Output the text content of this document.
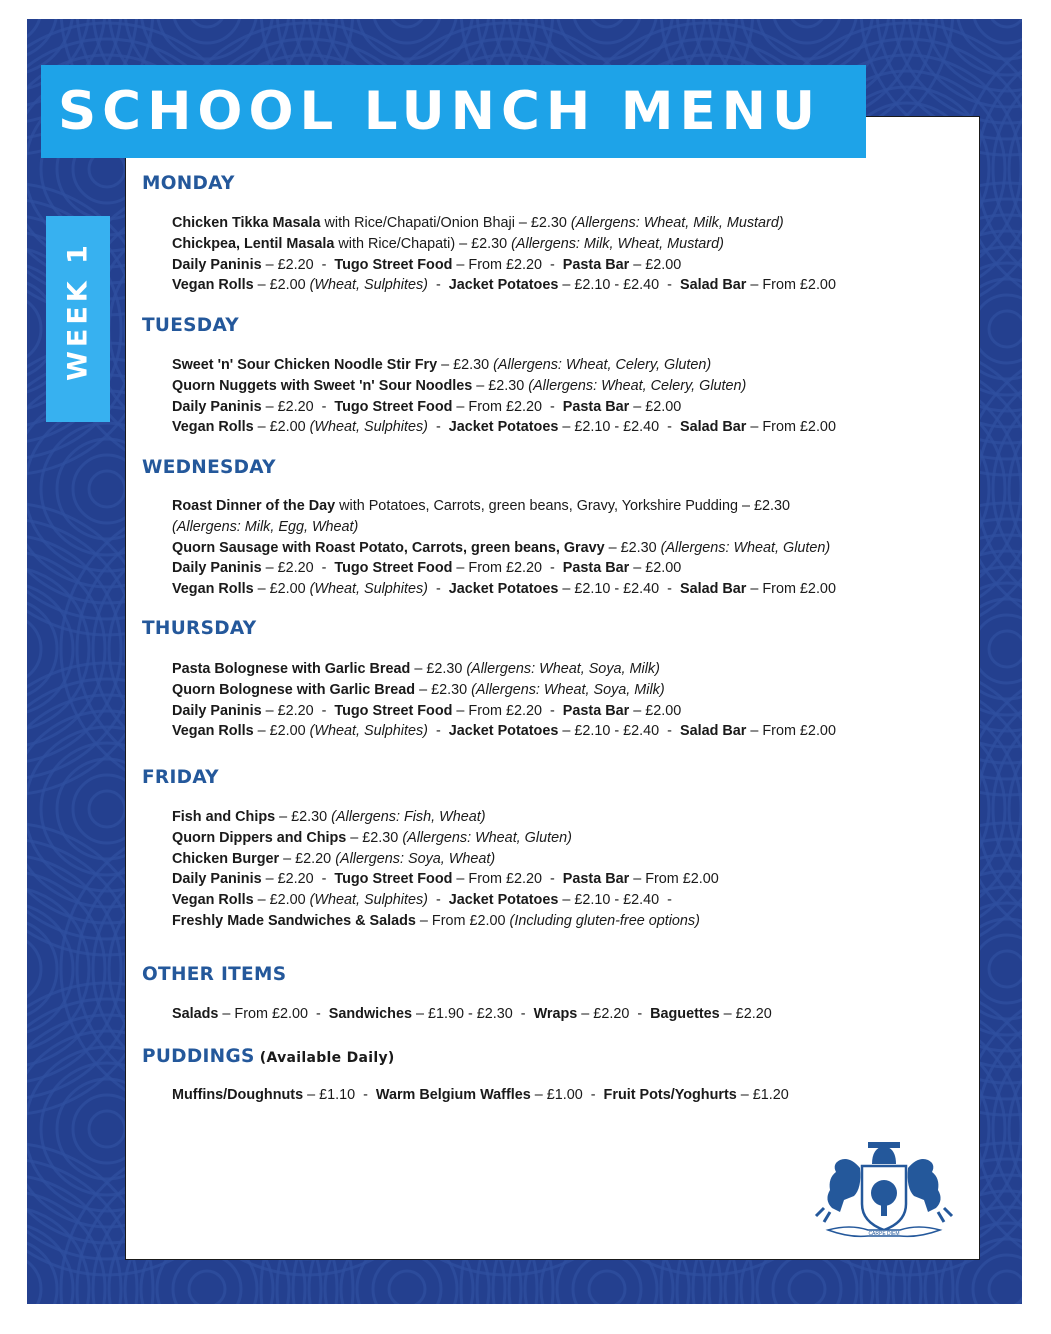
SCHOOL LUNCH MENU
WEEK 1
MONDAY
Chicken Tikka Masala with Rice/Chapati/Onion Bhaji – £2.30 (Allergens: Wheat, Milk, Mustard)
Chickpea, Lentil Masala with Rice/Chapati) – £2.30 (Allergens: Milk, Wheat, Mustard)
Daily Paninis – £2.20  -  Tugo Street Food – From £2.20  -  Pasta Bar – £2.00
Vegan Rolls – £2.00 (Wheat, Sulphites)  -  Jacket Potatoes – £2.10 - £2.40  -  Salad Bar – From £2.00
TUESDAY
Sweet 'n' Sour Chicken Noodle Stir Fry – £2.30 (Allergens: Wheat, Celery, Gluten)
Quorn Nuggets with Sweet 'n' Sour Noodles – £2.30 (Allergens: Wheat, Celery, Gluten)
Daily Paninis – £2.20  -  Tugo Street Food – From £2.20  -  Pasta Bar – £2.00
Vegan Rolls – £2.00 (Wheat, Sulphites)  -  Jacket Potatoes – £2.10 - £2.40  -  Salad Bar – From £2.00
WEDNESDAY
Roast Dinner of the Day with Potatoes, Carrots, green beans, Gravy, Yorkshire Pudding – £2.30
(Allergens: Milk, Egg, Wheat)
Quorn Sausage with Roast Potato, Carrots, green beans, Gravy – £2.30 (Allergens: Wheat, Gluten)
Daily Paninis – £2.20  -  Tugo Street Food – From £2.20  -  Pasta Bar – £2.00
Vegan Rolls – £2.00 (Wheat, Sulphites)  -  Jacket Potatoes – £2.10 - £2.40  -  Salad Bar – From £2.00
THURSDAY
Pasta Bolognese with Garlic Bread – £2.30 (Allergens: Wheat, Soya, Milk)
Quorn Bolognese with Garlic Bread – £2.30 (Allergens: Wheat, Soya, Milk)
Daily Paninis – £2.20  -  Tugo Street Food – From £2.20  -  Pasta Bar – £2.00
Vegan Rolls – £2.00 (Wheat, Sulphites)  -  Jacket Potatoes – £2.10 - £2.40  -  Salad Bar – From £2.00
FRIDAY
Fish and Chips – £2.30 (Allergens: Fish, Wheat)
Quorn Dippers and Chips – £2.30 (Allergens: Wheat, Gluten)
Chicken Burger – £2.20 (Allergens: Soya, Wheat)
Daily Paninis – £2.20  -  Tugo Street Food – From £2.20  -  Pasta Bar – From £2.00
Vegan Rolls – £2.00 (Wheat, Sulphites)  -  Jacket Potatoes – £2.10 - £2.40  -
Freshly Made Sandwiches & Salads – From £2.00 (Including gluten-free options)
OTHER ITEMS
Salads – From £2.00  -  Sandwiches – £1.90 - £2.30  -  Wraps – £2.20  -  Baguettes – £2.20
PUDDINGS (Available Daily)
Muffins/Doughnuts – £1.10  -  Warm Belgium Waffles – £1.00  -  Fruit Pots/Yoghurts – £1.20
CARPE DIEM
